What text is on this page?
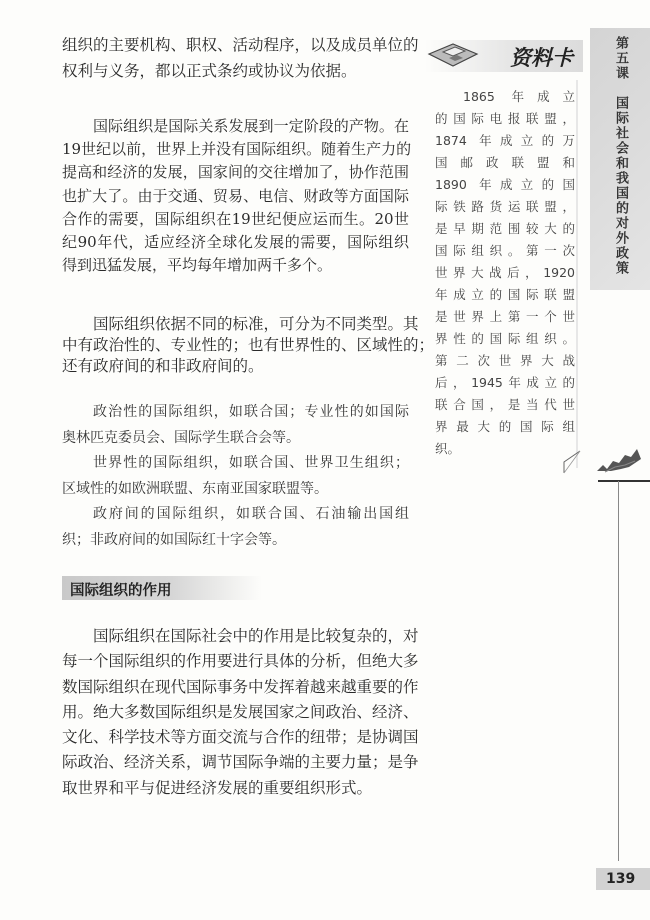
组织的主要机构、职权、活动程序，以及成员单位的
权利与义务，都以正式条约或协议为依据。
国际组织是国际关系发展到一定阶段的产物。在
19世纪以前，世界上并没有国际组织。随着生产力的
提高和经济的发展，国家间的交往增加了，协作范围
也扩大了。由于交通、贸易、电信、财政等方面国际
合作的需要，国际组织在19世纪便应运而生。20世
纪90年代，适应经济全球化发展的需要，国际组织
得到迅猛发展，平均每年增加两千多个。
国际组织依据不同的标准，可分为不同类型。其
中有政治性的、专业性的；也有世界性的、区域性的；
还有政府间的和非政府间的。
政治性的国际组织，如联合国；专业性的如国际
奥林匹克委员会、国际学生联合会等。
世界性的国际组织，如联合国、世界卫生组织；
区域性的如欧洲联盟、东南亚国家联盟等。
政府间的国际组织，如联合国、石油输出国组
织；非政府间的如国际红十字会等。
国际组织的作用
国际组织在国际社会中的作用是比较复杂的，对
每一个国际组织的作用要进行具体的分析，但绝大多
数国际组织在现代国际事务中发挥着越来越重要的作
用。绝大多数国际组织是发展国家之间政治、经济、
文化、科学技术等方面交流与合作的纽带；是协调国
际政治、经济关系，调节国际争端的主要力量；是争
取世界和平与促进经济发展的重要组织形式。
资料卡
1865 年成立
的国际电报联盟，
1874 年成立的万
国 邮 政 联 盟 和
1890 年成立的国
际铁路货运联盟，
是早期范围较大的
国际组织。第一次
世界大战后，1920
年成立的国际联盟
是世界上第一个世
界性的国际组织。
第二次世界大战
后，1945年成立的
联合国，是当代世
界最大的国际组
织。
第五课　国际社会和我国的对外政策
139
